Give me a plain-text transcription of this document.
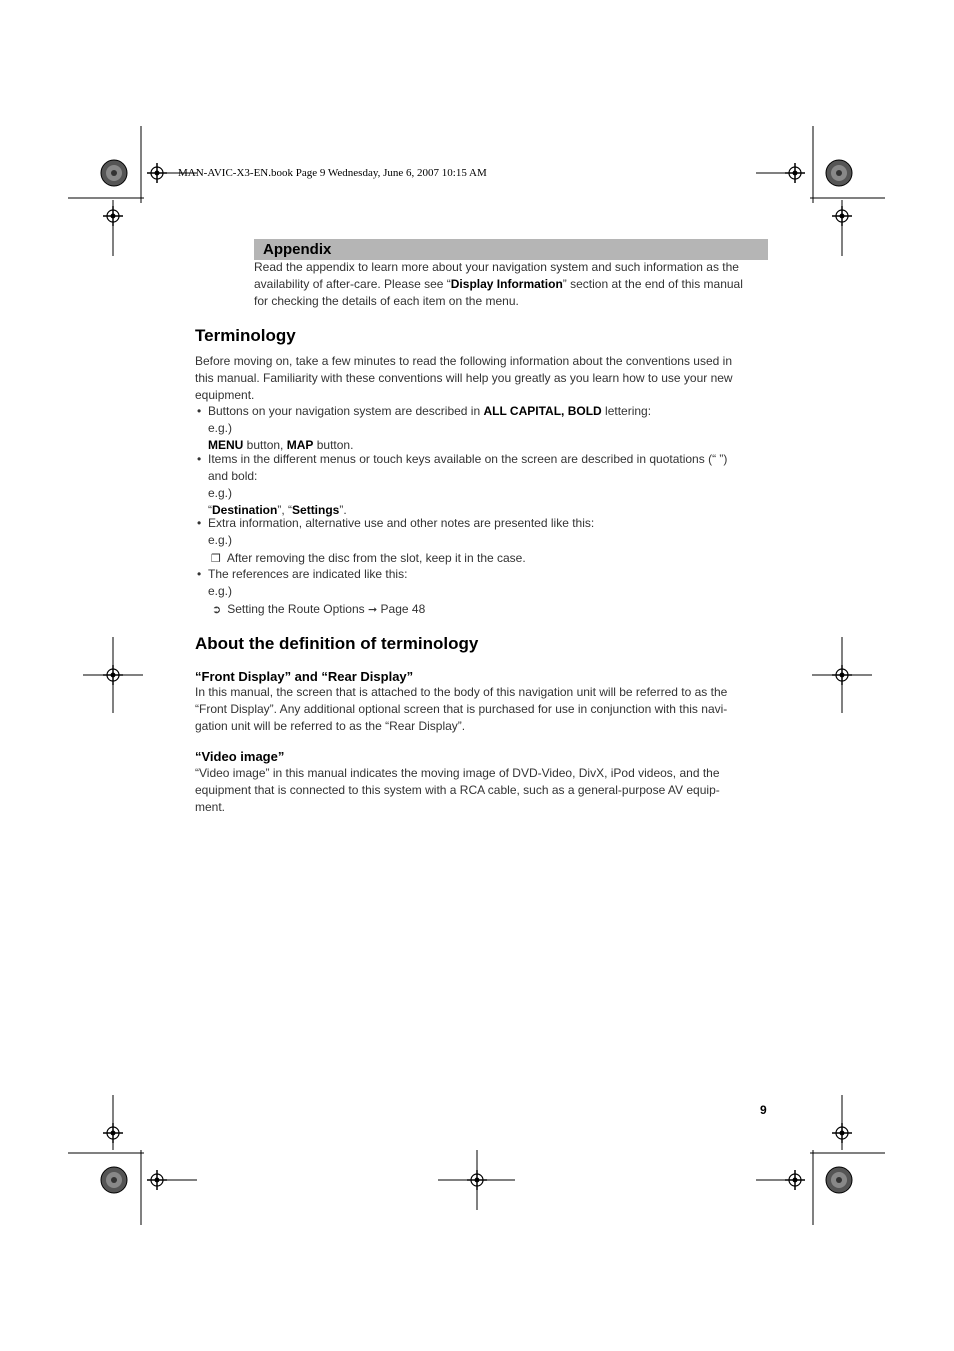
MAN-AVIC-X3-EN.book Page 9 Wednesday, June 6, 2007 10:15 AM
Appendix
Read the appendix to learn more about your navigation system and such information as the
availability of after-care. Please see “Display Information” section at the end of this manual
for checking the details of each item on the menu.
Terminology
Before moving on, take a few minutes to read the following information about the conventions used in
this manual. Familiarity with these conventions will help you greatly as you learn how to use your new
equipment.
• Buttons on your navigation system are described in ALL CAPITAL, BOLD lettering:
e.g.)
MENU button, MAP button.
• Items in the different menus or touch keys available on the screen are described in quotations (“ ”)
and bold:
e.g.)
“Destination”, “Settings”.
• Extra information, alternative use and other notes are presented like this:
e.g.)
❒ After removing the disc from the slot, keep it in the case.
• The references are indicated like this:
e.g.)
➲ Setting the Route Options ➞ Page 48
About the definition of terminology
“Front Display” and “Rear Display”
In this manual, the screen that is attached to the body of this navigation unit will be referred to as the
“Front Display”. Any additional optional screen that is purchased for use in conjunction with this navi-
gation unit will be referred to as the “Rear Display”.
“Video image”
“Video image” in this manual indicates the moving image of DVD-Video, DivX, iPod videos, and the
equipment that is connected to this system with a RCA cable, such as a general-purpose AV equip-
ment.
9
